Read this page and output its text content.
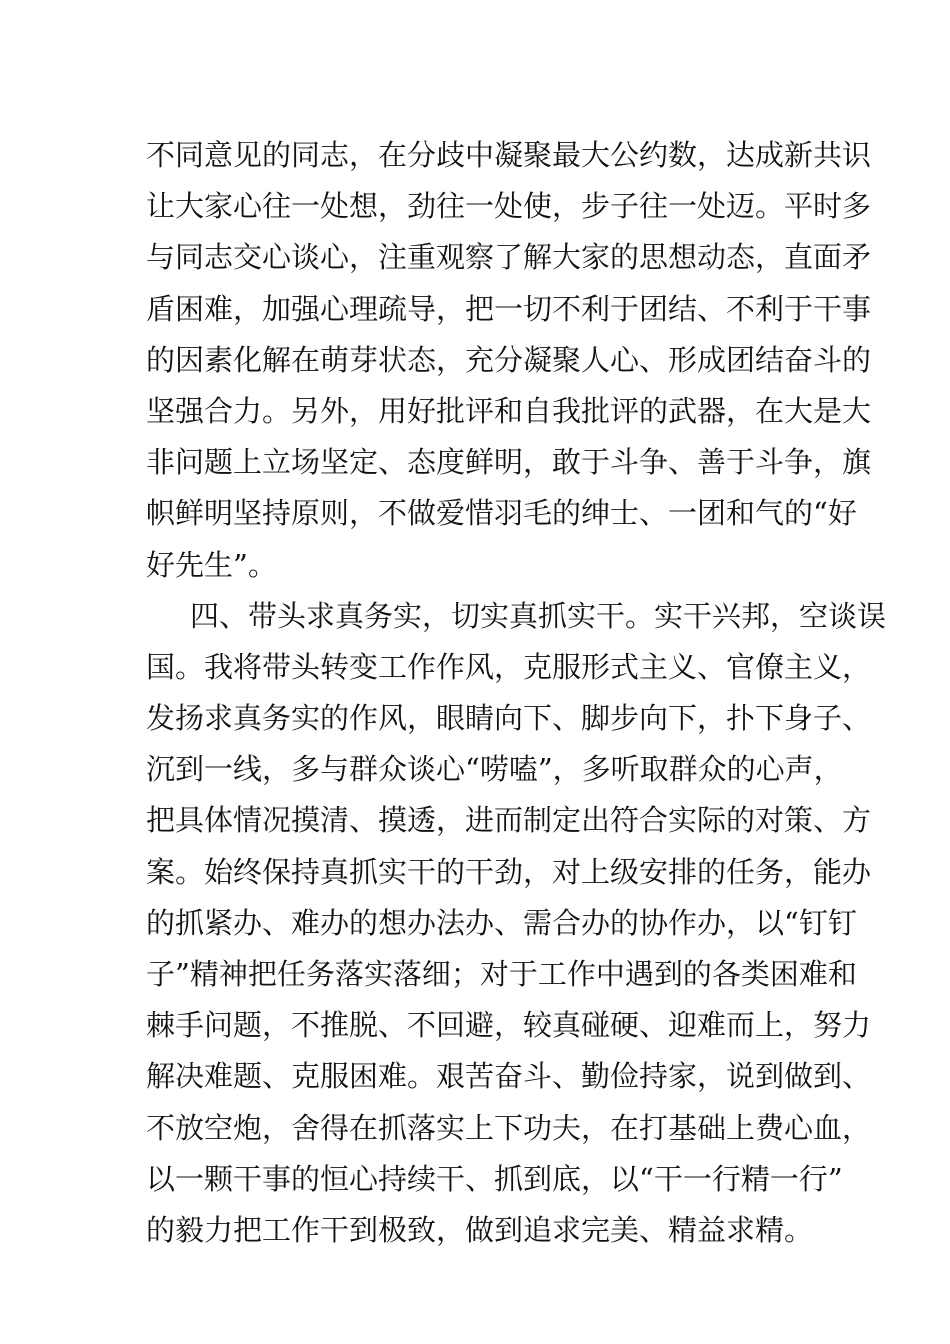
不同意见的同志，在分歧中凝聚最大公约数，达成新共识
让大家心往一处想，劲往一处使，步子往一处迈。平时多
与同志交心谈心，注重观察了解大家的思想动态，直面矛
盾困难，加强心理疏导，把一切不利于团结、不利于干事
的因素化解在萌芽状态，充分凝聚人心、形成团结奋斗的
坚强合力。另外，用好批评和自我批评的武器，在大是大
非问题上立场坚定、态度鲜明，敢于斗争、善于斗争，旗
帜鲜明坚持原则，不做爱惜羽毛的绅士、一团和气的“好
好先生”。
四、带头求真务实，切实真抓实干。实干兴邦，空谈误
国。我将带头转变工作作风，克服形式主义、官僚主义，
发扬求真务实的作风，眼睛向下、脚步向下，扑下身子、
沉到一线，多与群众谈心“唠嗑”，多听取群众的心声，
把具体情况摸清、摸透，进而制定出符合实际的对策、方
案。始终保持真抓实干的干劲，对上级安排的任务，能办
的抓紧办、难办的想办法办、需合办的协作办，以“钉钉
子”精神把任务落实落细；对于工作中遇到的各类困难和
棘手问题，不推脱、不回避，较真碰硬、迎难而上，努力
解决难题、克服困难。艰苦奋斗、勤俭持家，说到做到、
不放空炮，舍得在抓落实上下功夫，在打基础上费心血，
以一颗干事的恒心持续干、抓到底，以“干一行精一行”
的毅力把工作干到极致，做到追求完美、精益求精。
